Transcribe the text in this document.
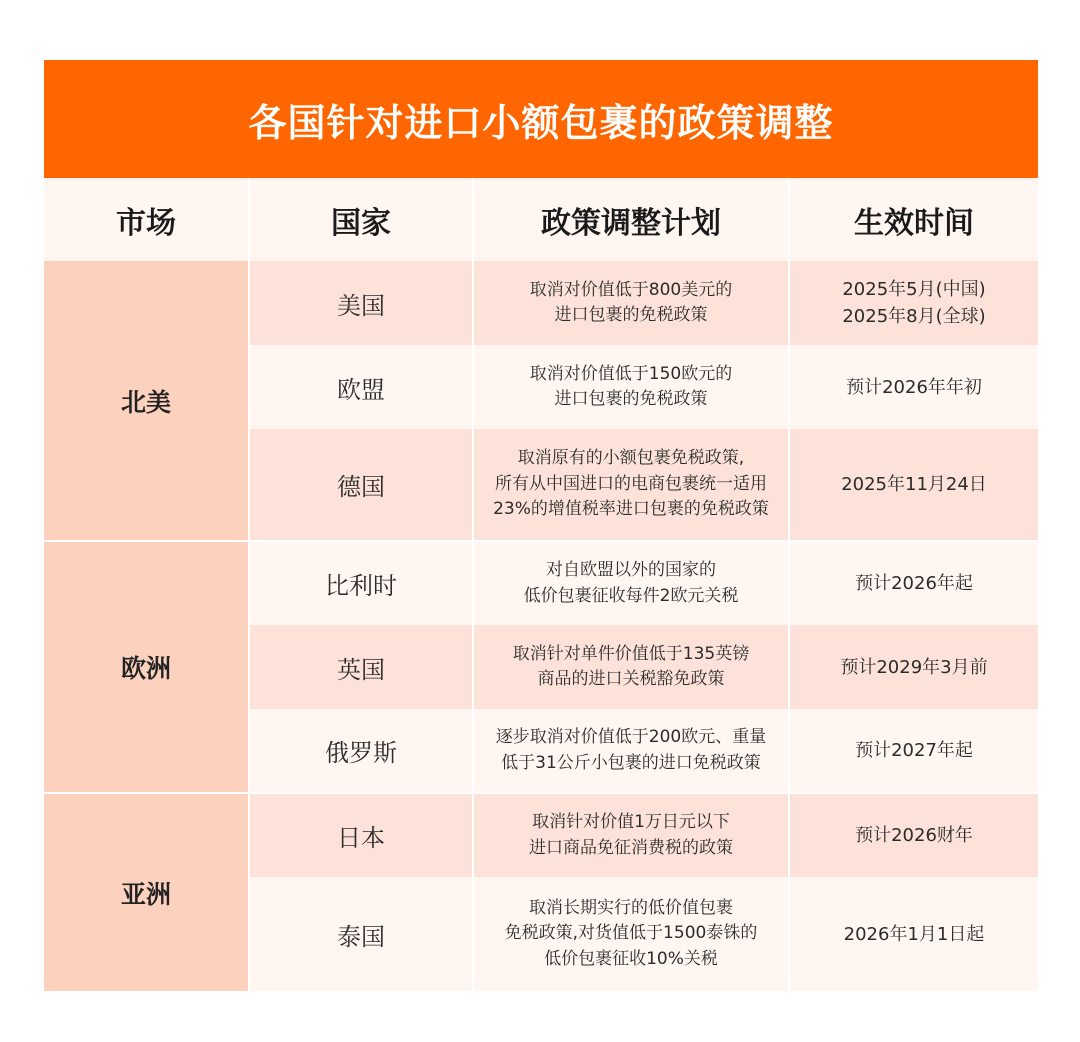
各国针对进口小额包裹的政策调整
市场	国家	政策调整计划	生效时间
北美	美国	取消对价值低于800美元的
进口包裹的免税政策	2025年5月(中国)
2025年8月(全球)

	欧盟	取消对价值低于150欧元的
进口包裹的免税政策	预计2026年年初

	德国	取消原有的小额包裹免税政策,
所有从中国进口的电商包裹统一适用
23%的增值税率进口包裹的免税政策	2025年11月24日

欧洲	比利时	对自欧盟以外的国家的
低价包裹征收每件2欧元关税	预计2026年起

	英国	取消针对单件价值低于135英镑
商品的进口关税豁免政策	预计2029年3月前

	俄罗斯	逐步取消对价值低于200欧元、重量
低于31公斤小包裹的进口免税政策	预计2027年起

亚洲	日本	取消针对价值1万日元以下
进口商品免征消费税的政策	预计2026财年

	泰国	取消长期实行的低价值包裹
免税政策,对货值低于1500泰铢的
低价包裹征收10%关税	2026年1月1日起
